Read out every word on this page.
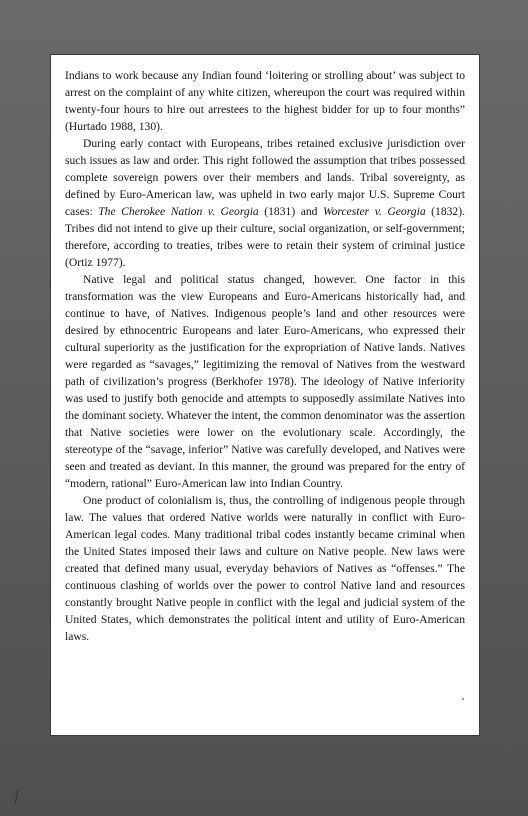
Indians to work because any Indian found ‘loitering or strolling about’ was subject to arrest on the complaint of any white citizen, whereupon the court was required within twenty-four hours to hire out arrestees to the highest bidder for up to four months” (Hurtado 1988, 130).

During early contact with Europeans, tribes retained exclusive jurisdiction over such issues as law and order. This right followed the assumption that tribes possessed complete sovereign powers over their members and lands. Tribal sovereignty, as defined by Euro-American law, was upheld in two early major U.S. Supreme Court cases: The Cherokee Nation v. Georgia (1831) and Worcester v. Georgia (1832). Tribes did not intend to give up their culture, social organization, or self-government; therefore, according to treaties, tribes were to retain their system of criminal justice (Ortiz 1977).

Native legal and political status changed, however. One factor in this transformation was the view Europeans and Euro-Americans historically had, and continue to have, of Natives. Indigenous people’s land and other resources were desired by ethnocentric Europeans and later Euro-Americans, who expressed their cultural superiority as the justification for the expropriation of Native lands. Natives were regarded as “savages,” legitimizing the removal of Natives from the westward path of civilization’s progress (Berkhofer 1978). The ideology of Native inferiority was used to justify both genocide and attempts to supposedly assimilate Natives into the dominant society. Whatever the intent, the common denominator was the assertion that Native societies were lower on the evolutionary scale. Accordingly, the stereotype of the “savage, inferior” Native was carefully developed, and Natives were seen and treated as deviant. In this manner, the ground was prepared for the entry of “modern, rational” Euro-American law into Indian Country.

One product of colonialism is, thus, the controlling of indigenous people through law. The values that ordered Native worlds were naturally in conflict with Euro-American legal codes. Many traditional tribal codes instantly became criminal when the United States imposed their laws and culture on Native people. New laws were created that defined many usual, everyday behaviors of Natives as “offenses.” The continuous clashing of worlds over the power to control Native land and resources constantly brought Native people in conflict with the legal and judicial system of the United States, which demonstrates the political intent and utility of Euro-American laws.
